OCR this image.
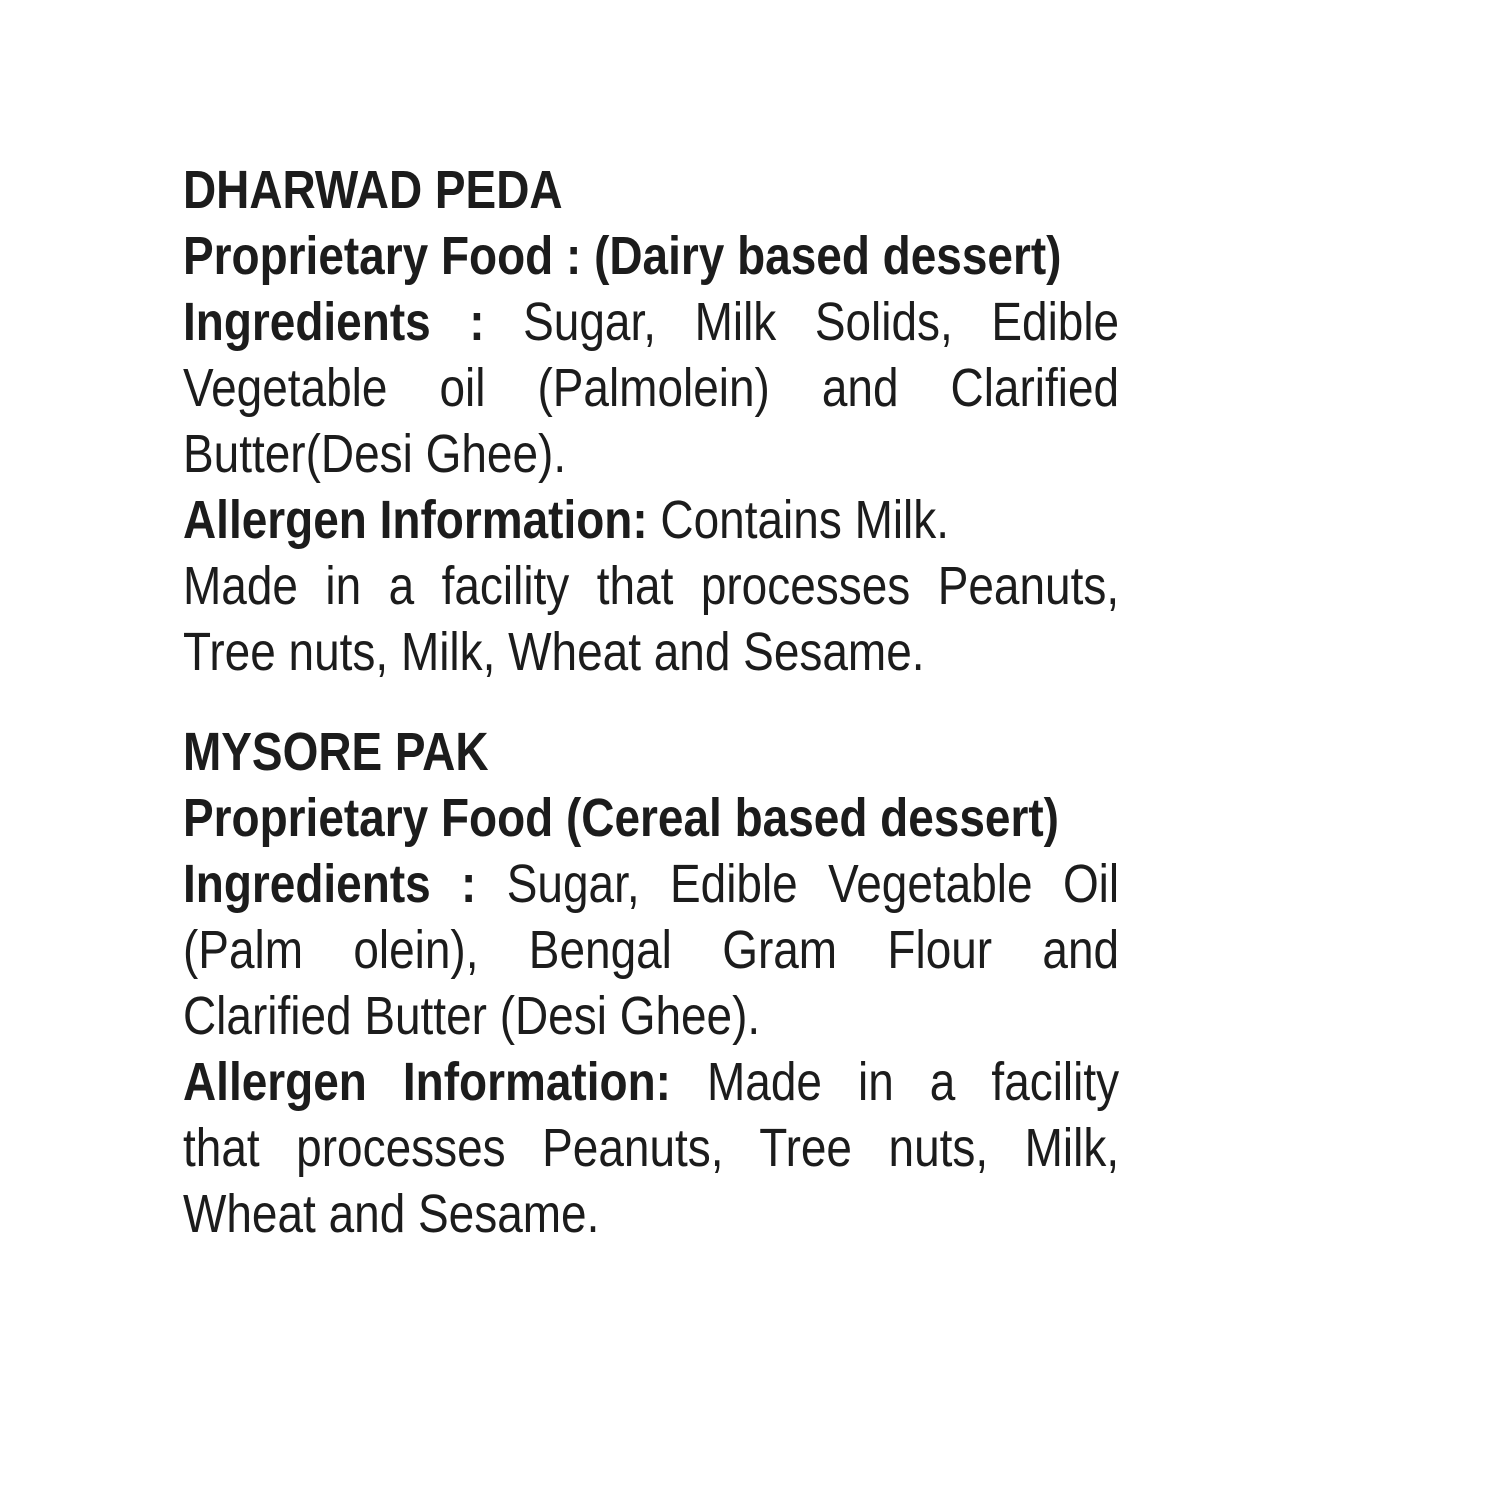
DHARWAD PEDA
Proprietary Food : (Dairy based dessert)
Ingredients : Sugar, Milk Solids, Edible
Vegetable oil (Palmolein) and Clarified
Butter(Desi Ghee).
Allergen Information: Contains Milk.
Made in a facility that processes Peanuts,
Tree nuts, Milk, Wheat and Sesame.
MYSORE PAK
Proprietary Food (Cereal based dessert)
Ingredients : Sugar, Edible Vegetable Oil
(Palm olein), Bengal Gram Flour and
Clarified Butter (Desi Ghee).
Allergen Information: Made in a facility
that processes Peanuts, Tree nuts, Milk,
Wheat and Sesame.
